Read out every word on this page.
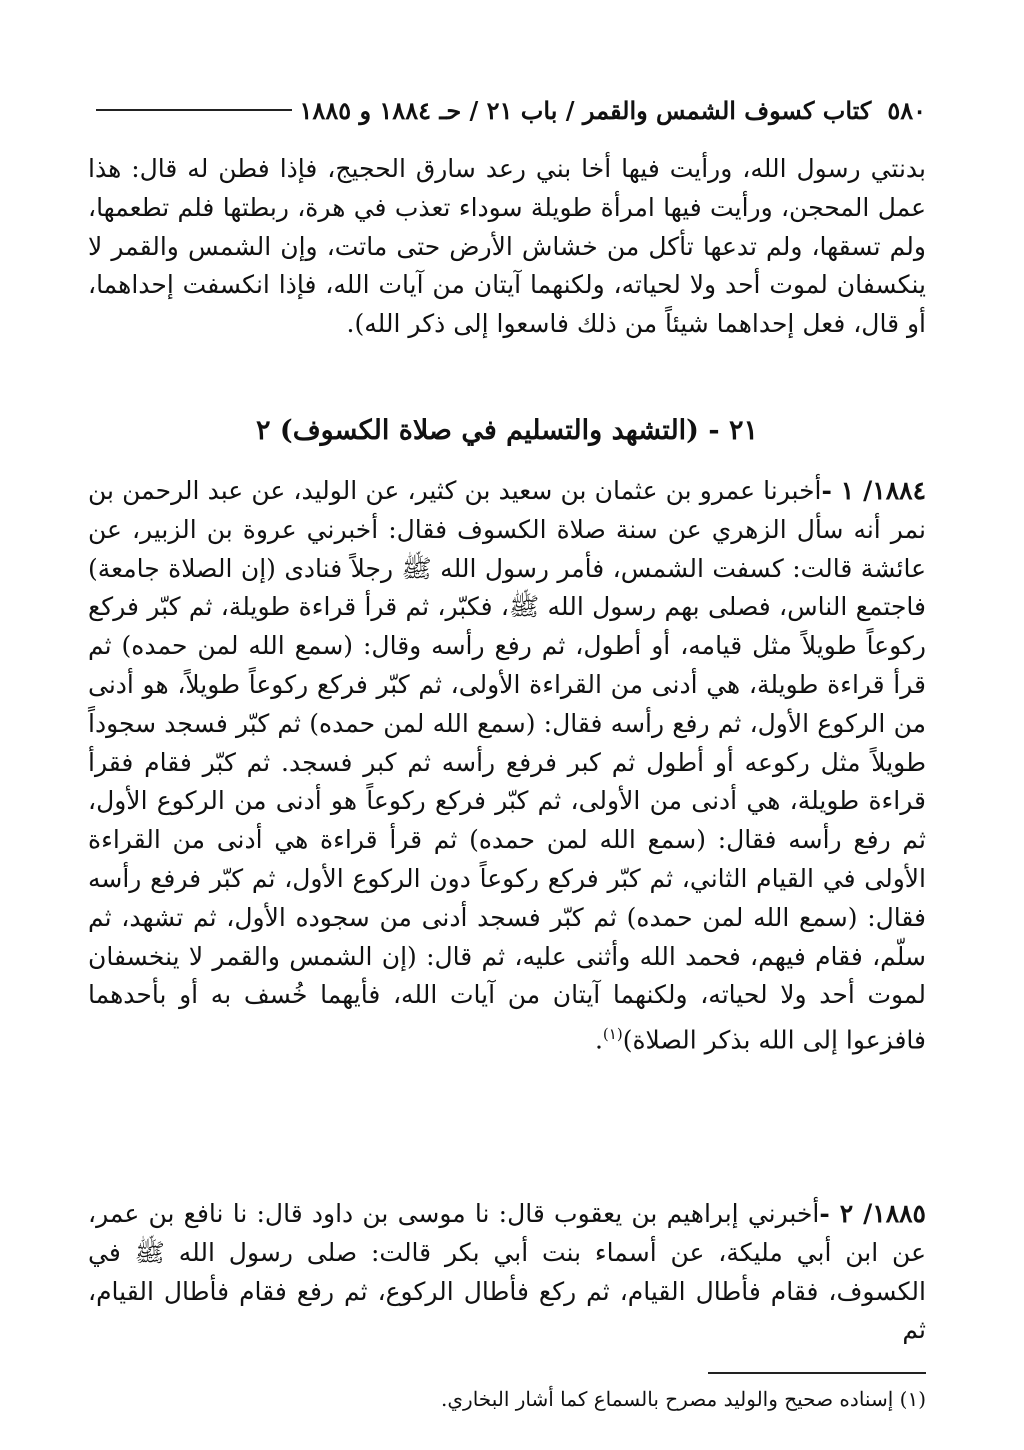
٥٨٠
كتاب كسوف الشمس والقمر / باب ٢١ / حـ ١٨٨٤ و ١٨٨٥
بدنتي رسول الله، ورأيت فيها أخا بني رعد سارق الحجيج، فإذا فطن له قال: هذا عمل المحجن، ورأيت فيها امرأة طويلة سوداء تعذب في هرة، ربطتها فلم تطعمها، ولم تسقها، ولم تدعها تأكل من خشاش الأرض حتى ماتت، وإن الشمس والقمر لا ينكسفان لموت أحد ولا لحياته، ولكنهما آيتان من آيات الله، فإذا انكسفت إحداهما، أو قال، فعل إحداهما شيئاً من ذلك فاسعوا إلى ذكر الله).
٢١ - (التشهد والتسليم في صلاة الكسوف) ٢
١٨٨٤/ ١ -أخبرنا عمرو بن عثمان بن سعيد بن كثير، عن الوليد، عن عبد الرحمن بن نمر أنه سأل الزهري عن سنة صلاة الكسوف فقال: أخبرني عروة بن الزبير، عن عائشة قالت: كسفت الشمس، فأمر رسول الله ﷺ رجلاً فنادى (إن الصلاة جامعة) فاجتمع الناس، فصلى بهم رسول الله ﷺ، فكبّر، ثم قرأ قراءة طويلة، ثم كبّر فركع ركوعاً طويلاً مثل قيامه، أو أطول، ثم رفع رأسه وقال: (سمع الله لمن حمده) ثم قرأ قراءة طويلة، هي أدنى من القراءة الأولى، ثم كبّر فركع ركوعاً طويلاً، هو أدنى من الركوع الأول، ثم رفع رأسه فقال: (سمع الله لمن حمده) ثم كبّر فسجد سجوداً طويلاً مثل ركوعه أو أطول ثم كبر فرفع رأسه ثم كبر فسجد. ثم كبّر فقام فقرأ قراءة طويلة، هي أدنى من الأولى، ثم كبّر فركع ركوعاً هو أدنى من الركوع الأول، ثم رفع رأسه فقال: (سمع الله لمن حمده) ثم قرأ قراءة هي أدنى من القراءة الأولى في القيام الثاني، ثم كبّر فركع ركوعاً دون الركوع الأول، ثم كبّر فرفع رأسه فقال: (سمع الله لمن حمده) ثم كبّر فسجد أدنى من سجوده الأول، ثم تشهد، ثم سلّم، فقام فيهم، فحمد الله وأثنى عليه، ثم قال: (إن الشمس والقمر لا ينخسفان لموت أحد ولا لحياته، ولكنهما آيتان من آيات الله، فأيهما خُسف به أو بأحدهما فافزعوا إلى الله بذكر الصلاة)$^{(١)}$.
١٨٨٥/ ٢ -أخبرني إبراهيم بن يعقوب قال: نا موسى بن داود قال: نا نافع بن عمر، عن ابن أبي مليكة، عن أسماء بنت أبي بكر قالت: صلى رسول الله ﷺ في الكسوف، فقام فأطال القيام، ثم ركع فأطال الركوع، ثم رفع فقام فأطال القيام، ثم
(١) إسناده صحيح والوليد مصرح بالسماع كما أشار البخاري.
